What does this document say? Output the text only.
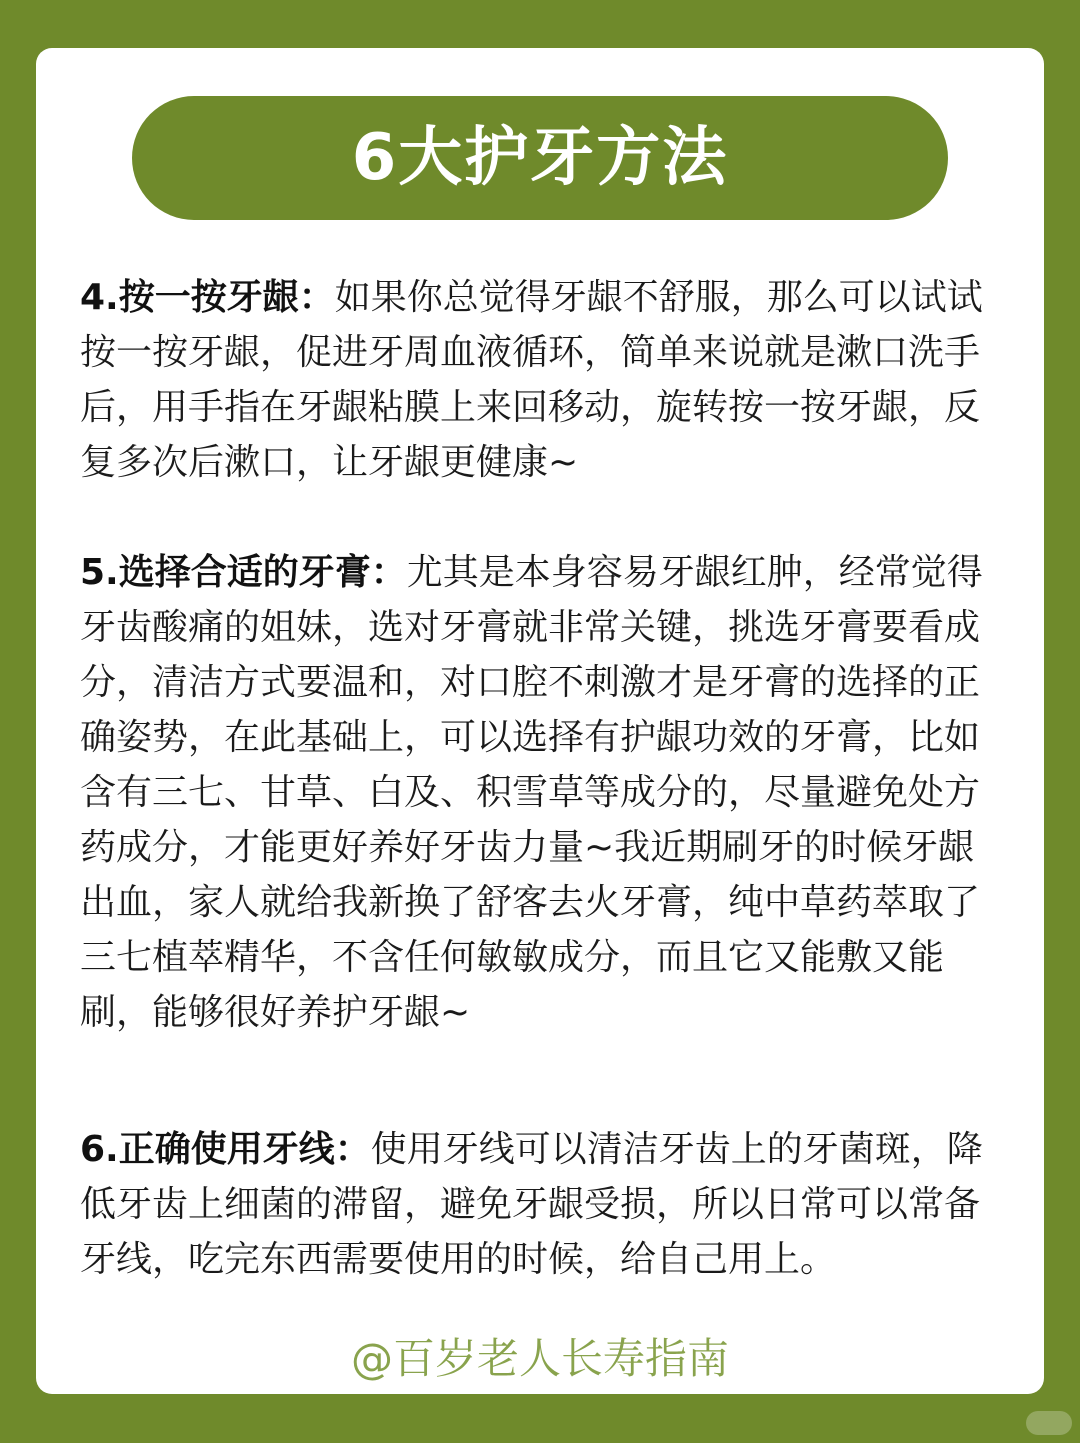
6大护牙方法

4.按一按牙龈：如果你总觉得牙龈不舒服，那么可以试试按一按牙龈，促进牙周血液循环，简单来说就是漱口洗手后，用手指在牙龈粘膜上来回移动，旋转按一按牙龈，反复多次后漱口，让牙龈更健康~

5.选择合适的牙膏：尤其是本身容易牙龈红肿，经常觉得牙齿酸痛的姐妹，选对牙膏就非常关键，挑选牙膏要看成分，清洁方式要温和，对口腔不刺激才是牙膏的选择的正确姿势，在此基础上，可以选择有护龈功效的牙膏，比如含有三七、甘草、白及、积雪草等成分的，尽量避免处方药成分，才能更好养好牙齿力量~我近期刷牙的时候牙龈出血，家人就给我新换了舒客去火牙膏，纯中草药萃取了三七植萃精华，不含任何敏敏成分，而且它又能敷又能刷，能够很好养护牙龈~

6.正确使用牙线：使用牙线可以清洁牙齿上的牙菌斑，降低牙齿上细菌的滞留，避免牙龈受损，所以日常可以常备牙线，吃完东西需要使用的时候，给自己用上。

@百岁老人长寿指南
